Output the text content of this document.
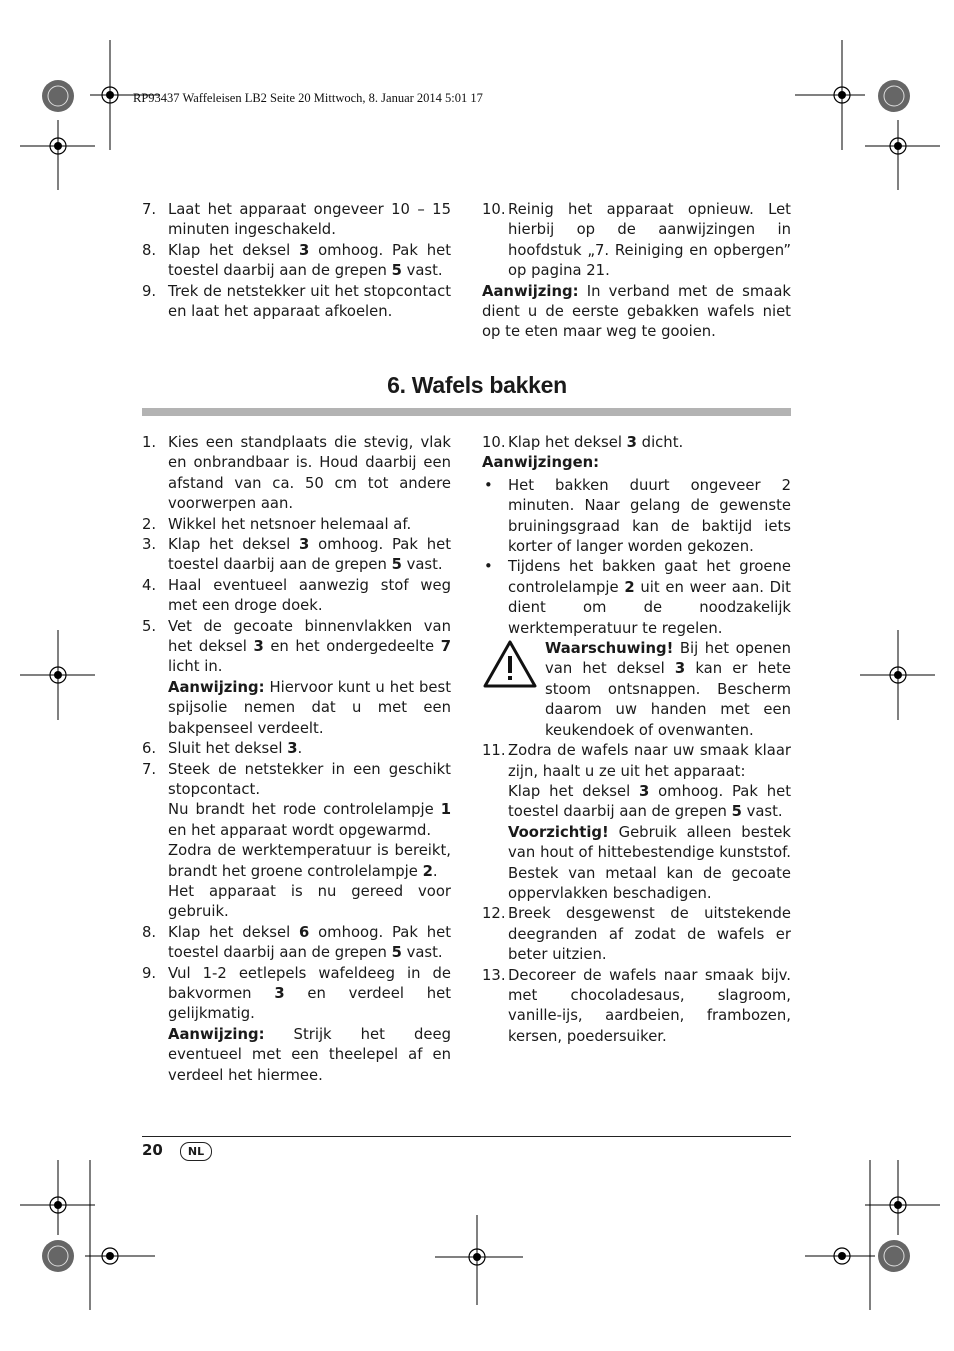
RP93437 Waffeleisen LB2 Seite 20 Mittwoch, 8. Januar 2014 5:01 17

7. Laat het apparaat ongeveer 10 – 15 minuten ingeschakeld.

8. Klap het deksel 3 omhoog. Pak het toestel daarbij aan de grepen 5 vast.

9. Trek de netstekker uit het stopcontact en laat het apparaat afkoelen.

10. Reinig het apparaat opnieuw. Let hierbij op de aanwijzingen in hoofdstuk „7. Reiniging en opbergen” op pagina 21.

Aanwijzing: In verband met de smaak dient u de eerste gebakken wafels niet op te eten maar weg te gooien.

6. Wafels bakken

1. Kies een standplaats die stevig, vlak en onbrandbaar is. Houd daarbij een afstand van ca. 50 cm tot andere voorwerpen aan.

2. Wikkel het netsnoer helemaal af.

3. Klap het deksel 3 omhoog. Pak het toestel daarbij aan de grepen 5 vast.

4. Haal eventueel aanwezig stof weg met een droge doek.

5. Vet de gecoate binnenvlakken van het deksel 3 en het ondergedeelte 7 licht in.

Aanwijzing: Hiervoor kunt u het best spijsolie nemen dat u met een bakpenseel verdeelt.

6. Sluit het deksel 3.

7. Steek de netstekker in een geschikt stopcontact.

Nu brandt het rode controlelampje 1 en het apparaat wordt opgewarmd.

Zodra de werktemperatuur is bereikt, brandt het groene controlelampje 2.

Het apparaat is nu gereed voor gebruik.

8. Klap het deksel 6 omhoog. Pak het toestel daarbij aan de grepen 5 vast.

9. Vul 1-2 eetlepels wafeldeeg in de bakvormen 3 en verdeel het gelijkmatig.

Aanwijzing: Strijk het deeg eventueel met een theelepel af en verdeel het hiermee.

10. Klap het deksel 3 dicht.

Aanwijzingen:

• Het bakken duurt ongeveer 2 minuten. Naar gelang de gewenste bruiningsgraad kan de baktijd iets korter of langer worden gekozen.

• Tijdens het bakken gaat het groene controlelampje 2 uit en weer aan. Dit dient om de noodzakelijk werktemperatuur te regelen.

Waarschuwing! Bij het openen van het deksel 3 kan er hete stoom ontsnappen. Bescherm daarom uw handen met een keukendoek of ovenwanten.

11. Zodra de wafels naar uw smaak klaar zijn, haalt u ze uit het apparaat:

Klap het deksel 3 omhoog. Pak het toestel daarbij aan de grepen 5 vast.

Voorzichtig! Gebruik alleen bestek van hout of hittebestendige kunststof. Bestek van metaal kan de gecoate oppervlakken beschadigen.

12. Breek desgewenst de uitstekende deegranden af zodat de wafels er beter uitzien.

13. Decoreer de wafels naar smaak bijv. met chocoladesaus, slagroom, vanille-ijs, aardbeien, frambozen, kersen, poedersuiker.

20	NL
